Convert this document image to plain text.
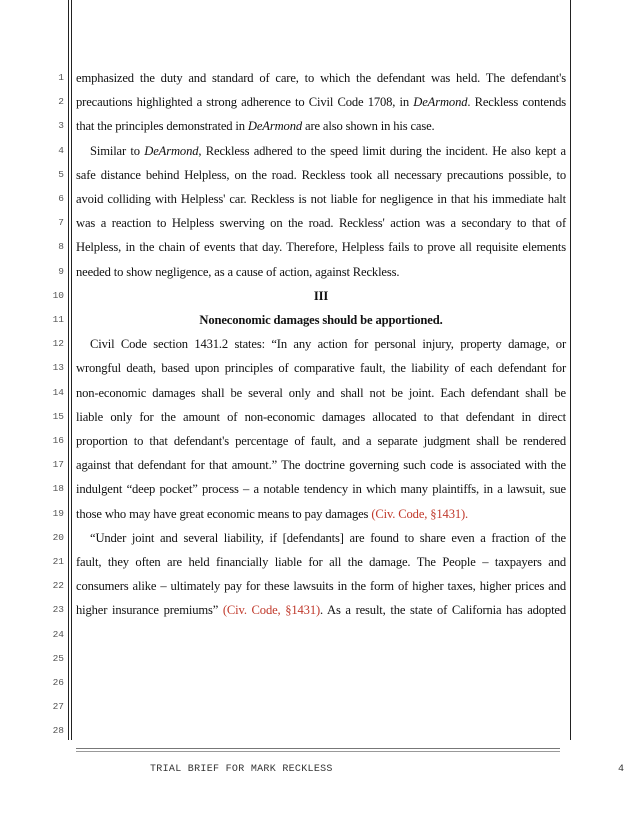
1
2
3
4
5
6
7
8
9
10
11
12
13
14
15
16
17
18
19
20
21
22
23
24
25
26
27
28
emphasized the duty and standard of care, to which the defendant was held. The defendant's
precautions highlighted a strong adherence to Civil Code 1708, in DeArmond. Reckless contends
that the principles demonstrated in DeArmond are also shown in his case.
Similar to DeArmond, Reckless adhered to the speed limit during the incident. He also kept a
safe distance behind Helpless, on the road. Reckless took all necessary precautions possible, to
avoid colliding with Helpless' car. Reckless is not liable for negligence in that his immediate halt
was a reaction to Helpless swerving on the road. Reckless' action was a secondary to that of
Helpless, in the chain of events that day. Therefore, Helpless fails to prove all requisite elements
needed to show negligence, as a cause of action, against Reckless.
III
Noneconomic damages should be apportioned.
Civil Code section 1431.2 states: “In any action for personal injury, property damage, or
wrongful death, based upon principles of comparative fault, the liability of each defendant for
non-economic damages shall be several only and shall not be joint. Each defendant shall be
liable only for the amount of non-economic damages allocated to that defendant in direct
proportion to that defendant's percentage of fault, and a separate judgment shall be rendered
against that defendant for that amount.” The doctrine governing such code is associated with the
indulgent “deep pocket” process – a notable tendency in which many plaintiffs, in a lawsuit, sue
those who may have great economic means to pay damages (Civ. Code, §1431).
“Under joint and several liability, if [defendants] are found to share even a fraction of the
fault, they often are held financially liable for all the damage. The People – taxpayers and
consumers alike – ultimately pay for these lawsuits in the form of higher taxes, higher prices and
higher insurance premiums” (Civ. Code, §1431). As a result, the state of California has adopted
TRIAL BRIEF FOR MARK RECKLESS	4
